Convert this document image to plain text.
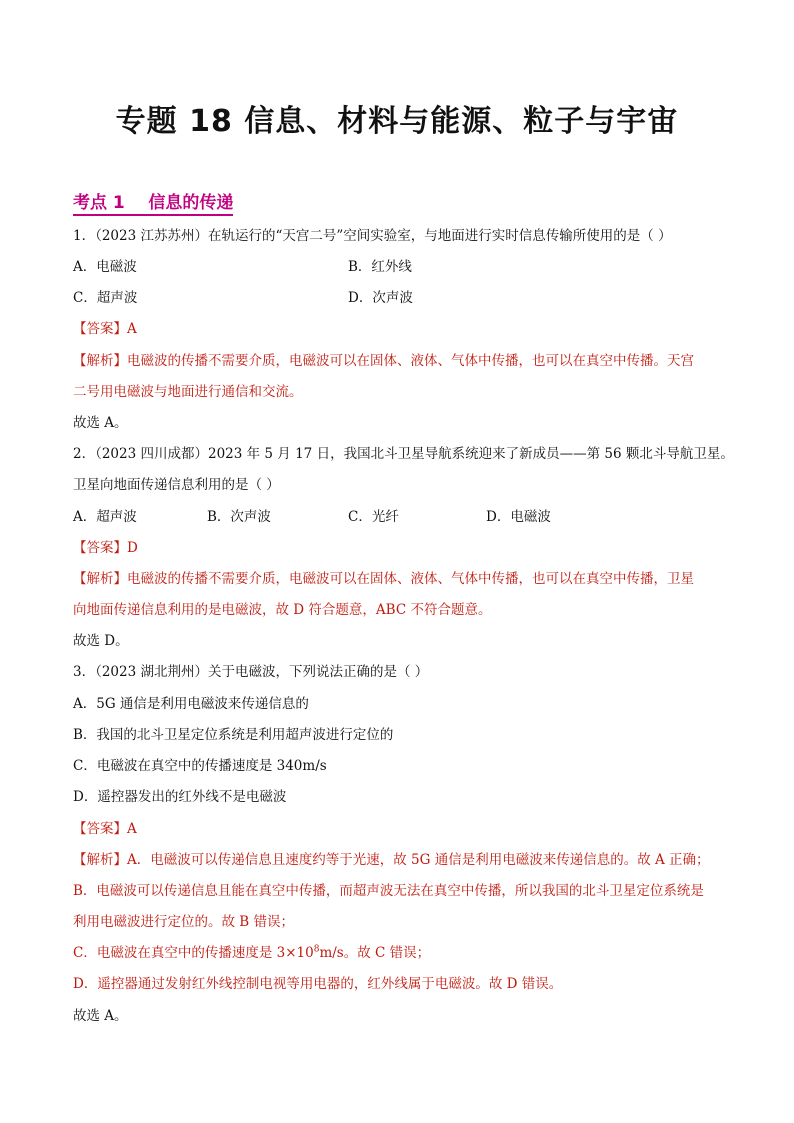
专题 18 信息、材料与能源、粒子与宇宙
考点 1    信息的传递
1．（2023 江苏苏州）在轨运行的“天宫二号”空间实验室，与地面进行实时信息传输所使用的是（ ）
A．电磁波	B．红外线
C．超声波	D．次声波
【答案】A
【解析】电磁波的传播不需要介质，电磁波可以在固体、液体、气体中传播，也可以在真空中传播。天宫
二号用电磁波与地面进行通信和交流。
故选 A。
2．（2023 四川成都）2023 年 5 月 17 日，我国北斗卫星导航系统迎来了新成员——第 56 颗北斗导航卫星。
卫星向地面传递信息利用的是（ ）
A．超声波	B．次声波	C．光纤	D．电磁波
【答案】D
【解析】电磁波的传播不需要介质，电磁波可以在固体、液体、气体中传播，也可以在真空中传播，卫星
向地面传递信息利用的是电磁波，故 D 符合题意，ABC 不符合题意。
故选 D。
3．（2023 湖北荆州）关于电磁波，下列说法正确的是（ ）
A．5G 通信是利用电磁波来传递信息的
B．我国的北斗卫星定位系统是利用超声波进行定位的
C．电磁波在真空中的传播速度是 340m/s
D．遥控器发出的红外线不是电磁波
【答案】A
【解析】A．电磁波可以传递信息且速度约等于光速，故 5G 通信是利用电磁波来传递信息的。故 A 正确；
B．电磁波可以传递信息且能在真空中传播，而超声波无法在真空中传播，所以我国的北斗卫星定位系统是
利用电磁波进行定位的。故 B 错误；
C．电磁波在真空中的传播速度是 $3\times 10^8m/s$。故 C 错误；
D．遥控器通过发射红外线控制电视等用电器的，红外线属于电磁波。故 D 错误。
故选 A。
